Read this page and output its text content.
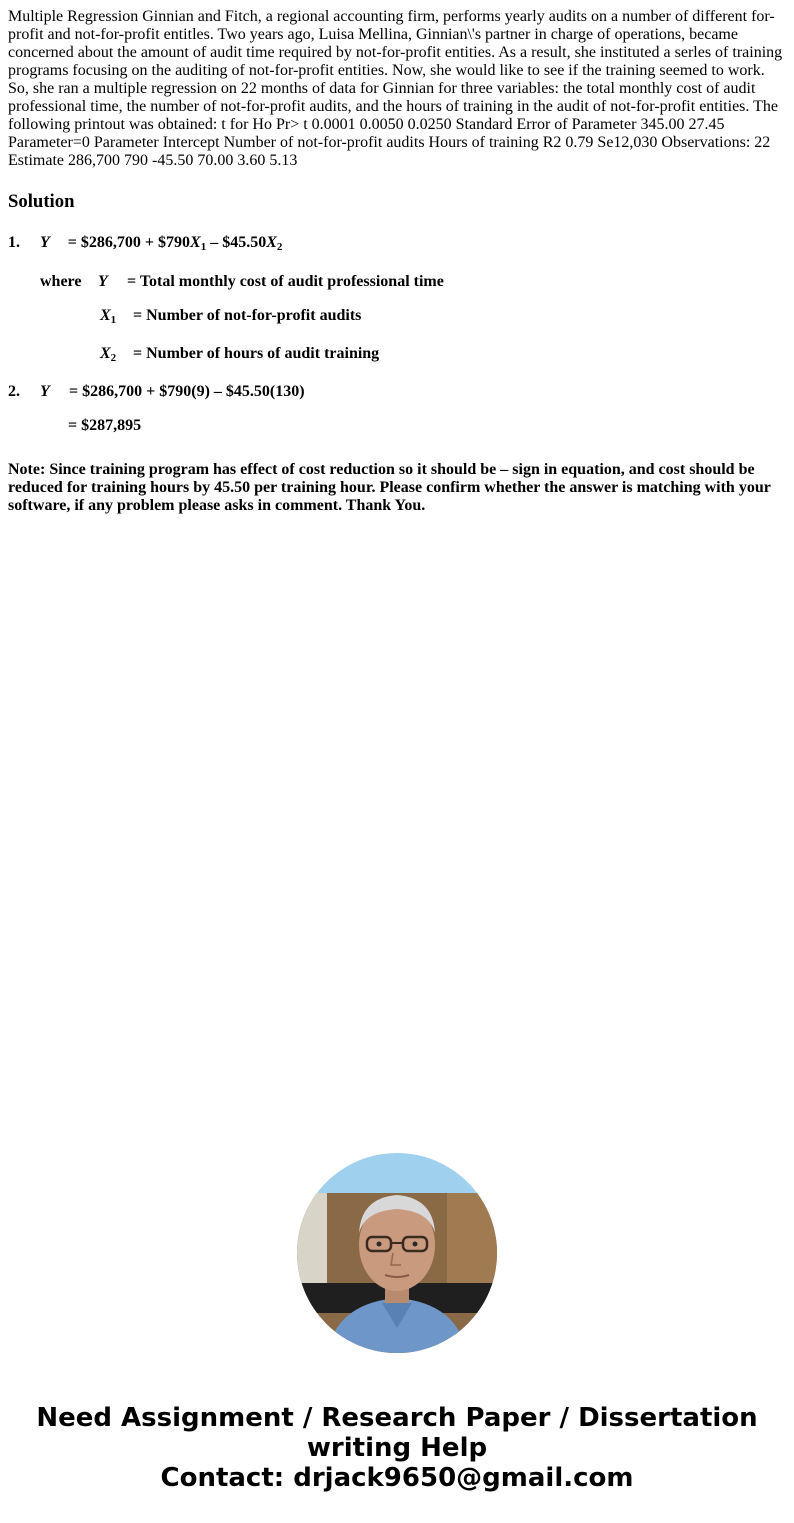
Multiple Regression Ginnian and Fitch, a regional accounting firm, performs yearly audits on a number of different for-profit and not-for-profit entitles. Two years ago, Luisa Mellina, Ginnian\'s partner in charge of operations, became concerned about the amount of audit time required by not-for-profit entities. As a result, she instituted a serles of training programs focusing on the auditing of not-for-profit entities. Now, she would like to see if the training seemed to work. So, she ran a multiple regression on 22 months of data for Ginnian for three variables: the total monthly cost of audit professional time, the number of not-for-profit audits, and the hours of training in the audit of not-for-profit entities. The following printout was obtained: t for Ho Pr> t 0.0001 0.0050 0.0250 Standard Error of Parameter 345.00 27.45 Parameter=0 Parameter Intercept Number of not-for-profit audits Hours of training R2 0.79 Se12,030 Observations: 22 Estimate 286,700 790 -45.50 70.00 3.60 5.13

Solution
1. Y = $286,700 + $\$790X_1$ – $\$45.50X_2$
where Y = Total monthly cost of audit professional time
$X_1$ = Number of not-for-profit audits
$X_2$ = Number of hours of audit training
2. Y = $286,700 + $790(9) – $45.50(130)
= $287,895

Note: Since training program has effect of cost reduction so it should be – sign in equation, and cost should be reduced for training hours by 45.50 per training hour. Please confirm whether the answer is matching with your software, if any problem please asks in comment. Thank You.

Need Assignment / Research Paper / Dissertation
writing Help
Contact: drjack9650@gmail.com
